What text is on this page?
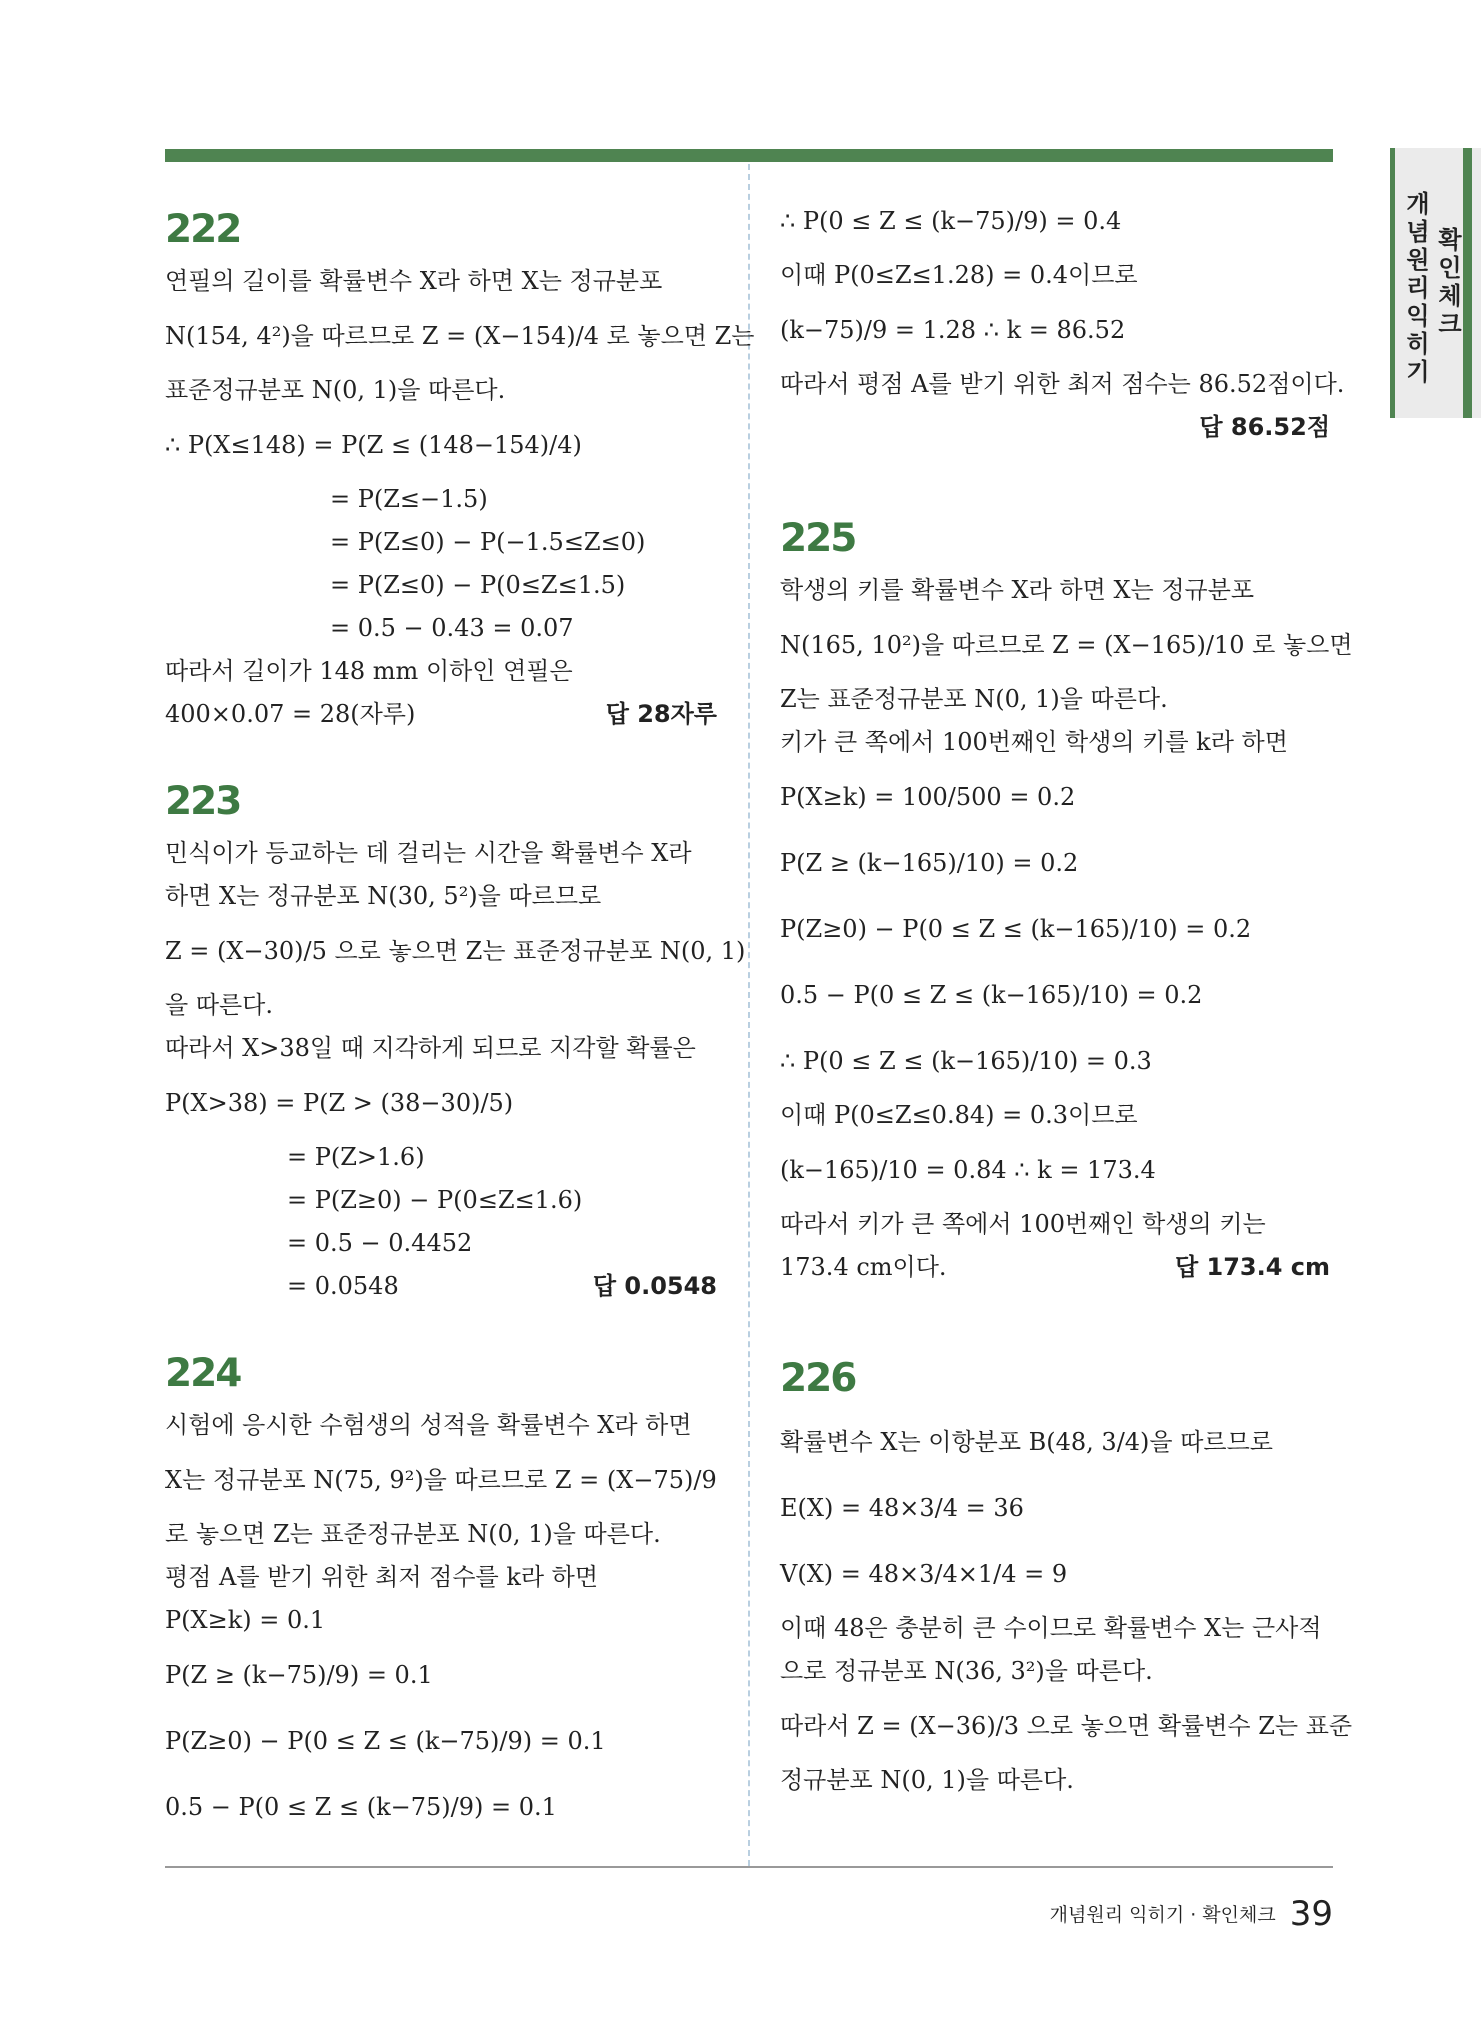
개념원리 익히기
확인체크
222
연필의 길이를 확률변수 X라 하면 X는 정규분포
N(154, 4²)을 따르므로 Z = (X−154)/4 로 놓으면 Z는
표준정규분포 N(0, 1)을 따른다.
∴ P(X≤148) = P(Z ≤ (148−154)/4)
= P(Z≤−1.5)
= P(Z≤0) − P(−1.5≤Z≤0)
= P(Z≤0) − P(0≤Z≤1.5)
= 0.5 − 0.43 = 0.07
따라서 길이가 148 mm 이하인 연필은
400×0.07 = 28(자루)	답 28자루
223
민식이가 등교하는 데 걸리는 시간을 확률변수 X라
하면 X는 정규분포 N(30, 5²)을 따르므로
Z = (X−30)/5 으로 놓으면 Z는 표준정규분포 N(0, 1)
을 따른다.
따라서 X>38일 때 지각하게 되므로 지각할 확률은
P(X>38) = P(Z > (38−30)/5)
= P(Z>1.6)
= P(Z≥0) − P(0≤Z≤1.6)
= 0.5 − 0.4452
= 0.0548	답 0.0548
224
시험에 응시한 수험생의 성적을 확률변수 X라 하면
X는 정규분포 N(75, 9²)을 따르므로 Z = (X−75)/9
로 놓으면 Z는 표준정규분포 N(0, 1)을 따른다.
평점 A를 받기 위한 최저 점수를 k라 하면
P(X≥k) = 0.1
P(Z ≥ (k−75)/9) = 0.1
P(Z≥0) − P(0 ≤ Z ≤ (k−75)/9) = 0.1
0.5 − P(0 ≤ Z ≤ (k−75)/9) = 0.1
∴ P(0 ≤ Z ≤ (k−75)/9) = 0.4
이때 P(0≤Z≤1.28) = 0.4이므로
(k−75)/9 = 1.28 ∴ k = 86.52
따라서 평점 A를 받기 위한 최저 점수는 86.52점이다.
답 86.52점
225
학생의 키를 확률변수 X라 하면 X는 정규분포
N(165, 10²)을 따르므로 Z = (X−165)/10 로 놓으면
Z는 표준정규분포 N(0, 1)을 따른다.
키가 큰 쪽에서 100번째인 학생의 키를 k라 하면
P(X≥k) = 100/500 = 0.2
P(Z ≥ (k−165)/10) = 0.2
P(Z≥0) − P(0 ≤ Z ≤ (k−165)/10) = 0.2
0.5 − P(0 ≤ Z ≤ (k−165)/10) = 0.2
∴ P(0 ≤ Z ≤ (k−165)/10) = 0.3
이때 P(0≤Z≤0.84) = 0.3이므로
(k−165)/10 = 0.84 ∴ k = 173.4
따라서 키가 큰 쪽에서 100번째인 학생의 키는
173.4 cm이다.	답 173.4 cm
226
확률변수 X는 이항분포 B(48, 3/4)을 따르므로
E(X) = 48×3/4 = 36
V(X) = 48×3/4×1/4 = 9
이때 48은 충분히 큰 수이므로 확률변수 X는 근사적
으로 정규분포 N(36, 3²)을 따른다.
따라서 Z = (X−36)/3 으로 놓으면 확률변수 Z는 표준
정규분포 N(0, 1)을 따른다.
개념원리 익히기 · 확인체크 39
